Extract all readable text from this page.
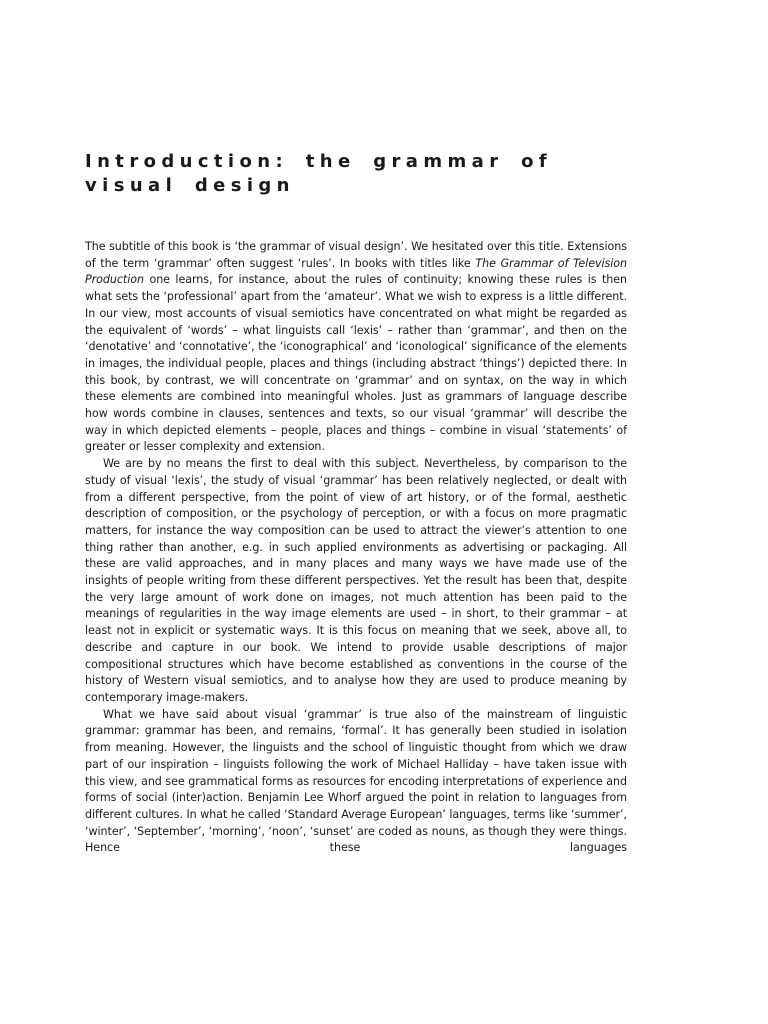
Introduction: the grammar of visual design

The subtitle of this book is ‘the grammar of visual design’. We hesitated over this title. Extensions of the term ‘grammar’ often suggest ‘rules’. In books with titles like The Grammar of Television Production one learns, for instance, about the rules of continuity; knowing these rules is then what sets the ‘professional’ apart from the ‘amateur’. What we wish to express is a little different. In our view, most accounts of visual semiotics have concentrated on what might be regarded as the equivalent of ‘words’ – what linguists call ‘lexis’ – rather than ‘grammar’, and then on the ‘denotative’ and ‘connotative’, the ‘iconographical’ and ‘iconological’ significance of the elements in images, the individual people, places and things (including abstract ‘things’) depicted there. In this book, by contrast, we will concentrate on ‘grammar’ and on syntax, on the way in which these elements are combined into meaningful wholes. Just as grammars of language describe how words combine in clauses, sentences and texts, so our visual ‘grammar’ will describe the way in which depicted elements – people, places and things – combine in visual ‘statements’ of greater or lesser complexity and extension.

We are by no means the first to deal with this subject. Nevertheless, by comparison to the study of visual ‘lexis’, the study of visual ‘grammar’ has been relatively neglected, or dealt with from a different perspective, from the point of view of art history, or of the formal, aesthetic description of composition, or the psychology of perception, or with a focus on more pragmatic matters, for instance the way composition can be used to attract the viewer’s attention to one thing rather than another, e.g. in such applied environments as advertising or packaging. All these are valid approaches, and in many places and many ways we have made use of the insights of people writing from these different perspectives. Yet the result has been that, despite the very large amount of work done on images, not much attention has been paid to the meanings of regularities in the way image elements are used – in short, to their grammar – at least not in explicit or systematic ways. It is this focus on meaning that we seek, above all, to describe and capture in our book. We intend to provide usable descriptions of major compositional structures which have become established as conventions in the course of the history of Western visual semiotics, and to analyse how they are used to produce meaning by contemporary image-makers.

What we have said about visual ‘grammar’ is true also of the mainstream of linguistic grammar: grammar has been, and remains, ‘formal’. It has generally been studied in isolation from meaning. However, the linguists and the school of linguistic thought from which we draw part of our inspiration – linguists following the work of Michael Halliday – have taken issue with this view, and see grammatical forms as resources for encoding interpretations of experience and forms of social (inter)action. Benjamin Lee Whorf argued the point in relation to languages from different cultures. In what he called ‘Standard Average European’ languages, terms like ‘summer’, ‘winter’, ‘September’, ‘morning’, ‘noon’, ‘sunset’ are coded as nouns, as though they were things. Hence these languages
